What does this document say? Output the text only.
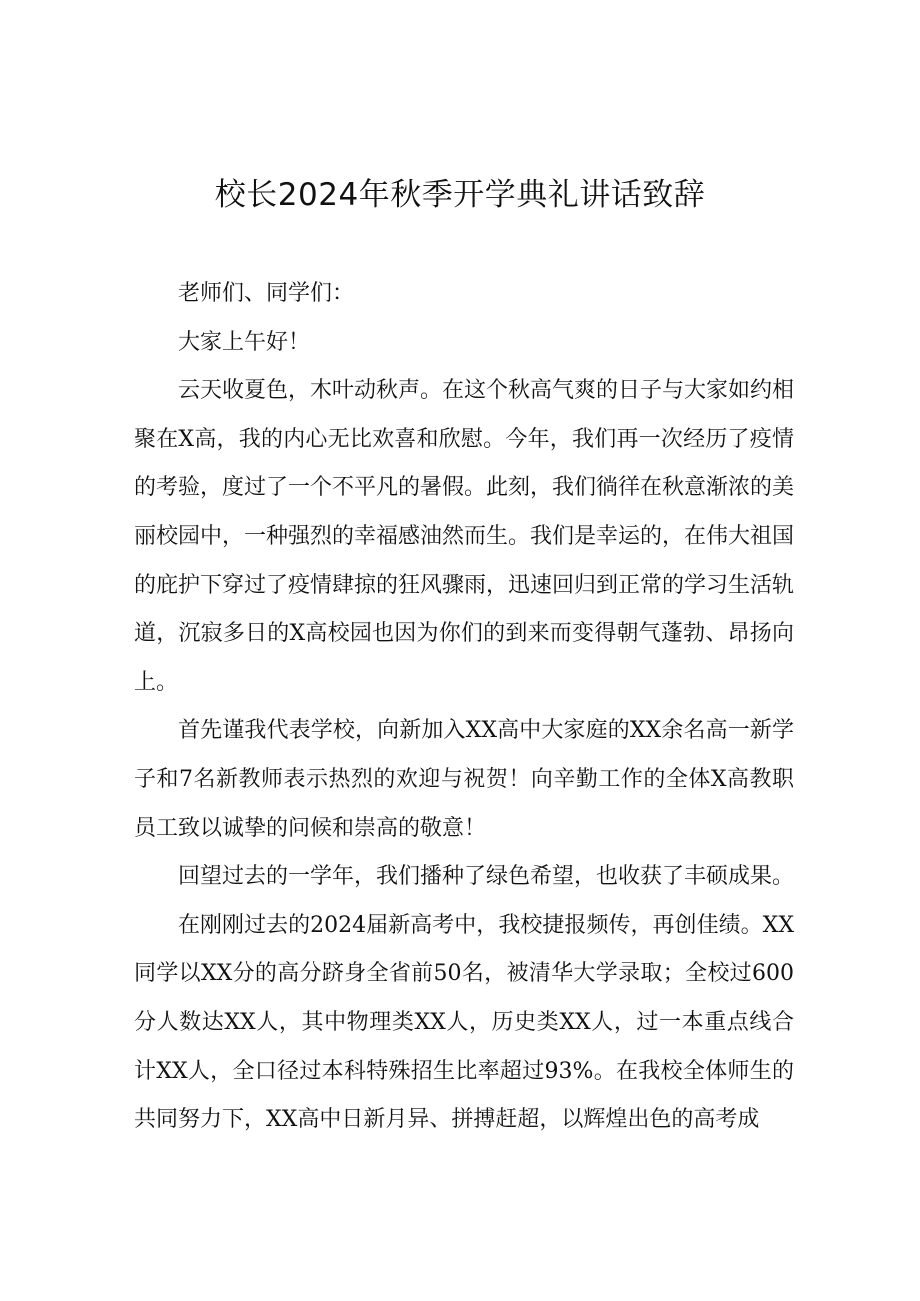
校长2024年秋季开学典礼讲话致辞

老师们、同学们：

大家上午好！

云天收夏色，木叶动秋声。在这个秋高气爽的日子与大家如约相聚在X高，我的内心无比欢喜和欣慰。今年，我们再一次经历了疫情的考验，度过了一个不平凡的暑假。此刻，我们徜徉在秋意渐浓的美丽校园中，一种强烈的幸福感油然而生。我们是幸运的，在伟大祖国的庇护下穿过了疫情肆掠的狂风骤雨，迅速回归到正常的学习生活轨道，沉寂多日的X高校园也因为你们的到来而变得朝气蓬勃、昂扬向上。

首先谨我代表学校，向新加入XX高中大家庭的XX余名高一新学子和7名新教师表示热烈的欢迎与祝贺！向辛勤工作的全体X高教职员工致以诚挚的问候和崇高的敬意！

回望过去的一学年，我们播种了绿色希望，也收获了丰硕成果。

在刚刚过去的2024届新高考中，我校捷报频传，再创佳绩。XX同学以XX分的高分跻身全省前50名，被清华大学录取；全校过600分人数达XX人，其中物理类XX人，历史类XX人，过一本重点线合计XX人，全口径过本科特殊招生比率超过93%。在我校全体师生的共同努力下，XX高中日新月异、拼搏赶超，以辉煌出色的高考成
